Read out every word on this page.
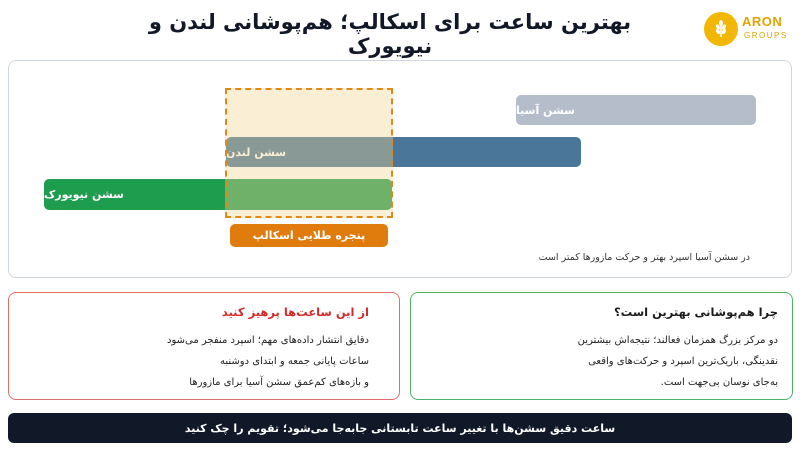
بهترین ساعت برای اسکالپ؛ هم‌پوشانی لندن و نیویورک
ARON
GROUPS
سشن آسیا
سشن لندن
سشن نیویورک
پنجره طلایی اسکالپ
در سشن آسیا اسپرد بهتر و حرکت مازورها کمتر است
از این ساعت‌ها پرهیز کنید
دقایق انتشار داده‌های مهم؛ اسپرد منفجر می‌شود
ساعات پایانی جمعه و ابتدای دوشنبه
و بازه‌های کم‌عمق سشن آسیا برای مازورها
چرا هم‌پوشانی بهترین است؟
دو مرکز بزرگ همزمان فعالند؛ نتیجه‌اش بیشترین
نقدینگی، باریک‌ترین اسپرد و حرکت‌های واقعی
به‌جای نوسان بی‌جهت است.
ساعت دقیق سشن‌ها با تغییر ساعت تابستانی جابه‌جا می‌شود؛ تقویم را چک کنید
